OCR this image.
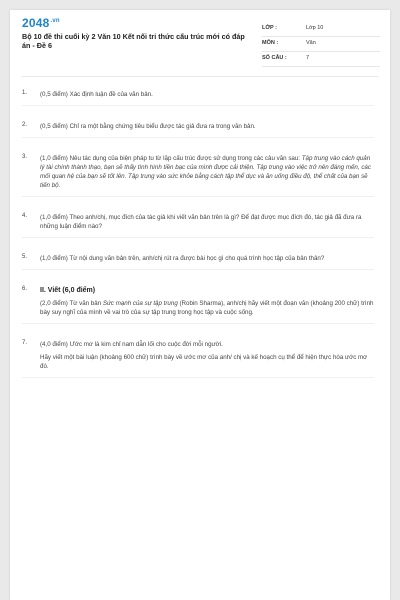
$2048^{.vn}$
Bộ 10 đề thi cuối kỳ 2 Văn 10 Kết nối tri thức cấu trúc mới có đáp án - Đề 6
LỚP :	Lớp 10
MÔN :	Văn
SỐ CÂU :	7
1. (0,5 điểm) Xác định luận đề của văn bản.
2. (0,5 điểm) Chỉ ra một bằng chứng tiêu biểu được tác giả đưa ra trong văn bản.
3. (1,0 điểm) Nêu tác dụng của biện pháp tu từ lặp cấu trúc được sử dụng trong các câu văn sau: Tập trung vào cách quản lý tài chính thành thạo, bạn sẽ thấy tình hình tiền bạc của mình được cải thiện. Tập trung vào việc trở nên đáng mến, các mối quan hệ của bạn sẽ tốt lên. Tập trung vào sức khỏe bằng cách tập thể dục và ăn uống điều độ, thể chất của bạn sẽ tiến bộ.
4. (1,0 điểm) Theo anh/chị, mục đích của tác giả khi viết văn bản trên là gì? Để đạt được mục đích đó, tác giả đã đưa ra những luận điểm nào?
5. (1,0 điểm) Từ nội dung văn bản trên, anh/chị rút ra được bài học gì cho quá trình học tập của bản thân?
6. II. Viết (6,0 điểm)
(2,0 điểm) Từ văn bản Sức mạnh của sự tập trung (Robin Sharma), anh/chị hãy viết một đoạn văn (khoảng 200 chữ) trình bày suy nghĩ của mình về vai trò của sự tập trung trong học tập và cuộc sống.
7. (4,0 điểm) Ước mơ là kim chỉ nam dẫn lối cho cuộc đời mỗi người.
Hãy viết một bài luận (khoảng 600 chữ) trình bày về ước mơ của anh/ chị và kế hoạch cụ thể để hiện thực hóa ước mơ đó.
